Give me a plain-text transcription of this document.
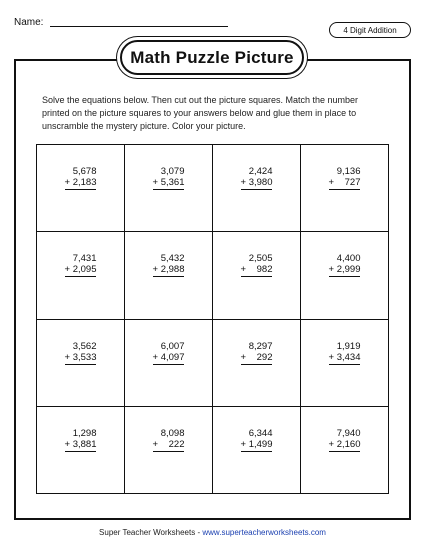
Name:
4 Digit Addition
Math Puzzle Picture
Solve the equations below. Then cut out the picture squares. Match the number printed on the picture squares to your answers below and glue them in place to unscramble the mystery picture. Color your picture.
5,678
+ 2,183
3,079
+ 5,361
2,424
+ 3,980
9,136
+    727
7,431
+ 2,095
5,432
+ 2,988
2,505
+    982
4,400
+ 2,999
3,562
+ 3,533
6,007
+ 4,097
8,297
+    292
1,919
+ 3,434
1,298
+ 3,881
8,098
+    222
6,344
+ 1,499
7,940
+ 2,160
Super Teacher Worksheets - www.superteacherworksheets.com
